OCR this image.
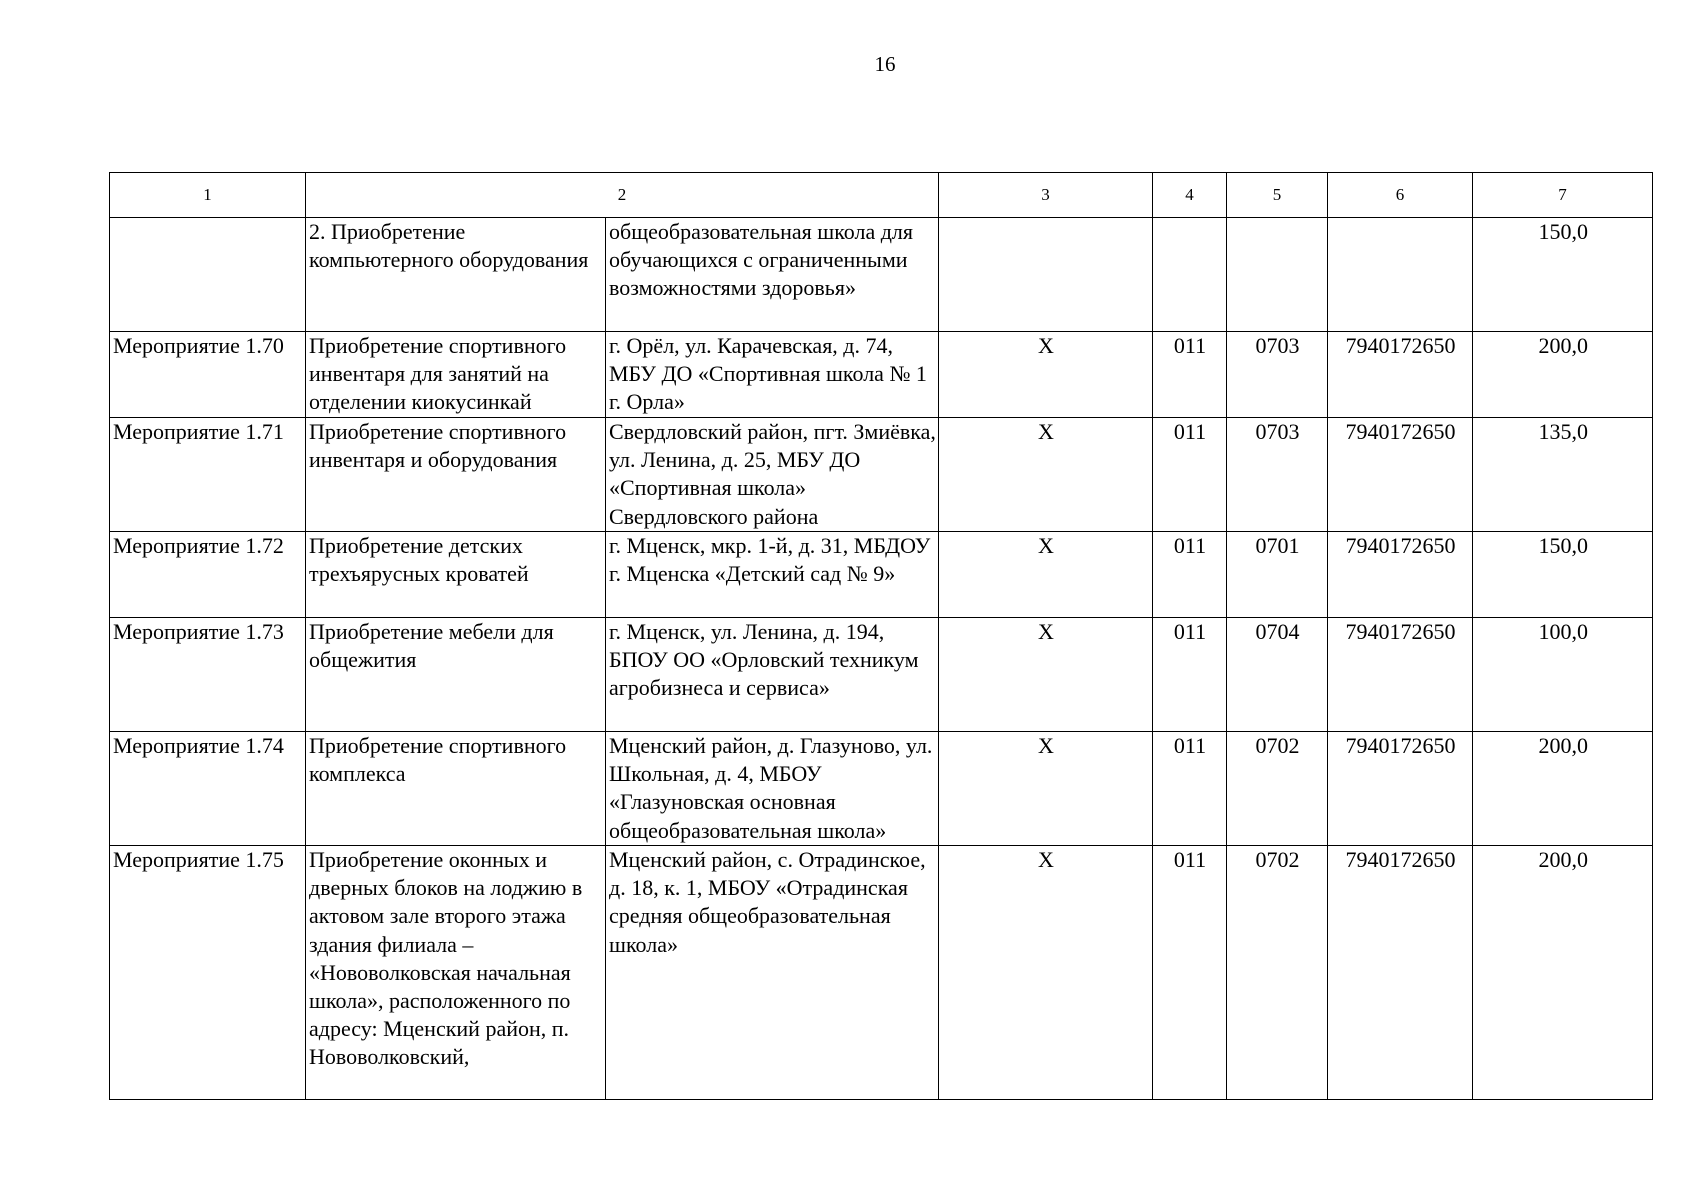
16
1	2		3	4	5	6	7
	2. Приобретение компьютерного оборудования	общеобразовательная школа для обучающихся с ограниченными возможностями здоровья»					150,0
Мероприятие 1.70	Приобретение спортивного инвентаря для занятий на отделении киокусинкай	г. Орёл, ул. Карачевская, д. 74, МБУ ДО «Спортивная школа № 1 г. Орла»	Х	011	0703	7940172650	200,0
Мероприятие 1.71	Приобретение спортивного инвентаря и оборудования	Свердловский район, пгт. Змиёвка, ул. Ленина, д. 25, МБУ ДО «Спортивная школа» Свердловского района	Х	011	0703	7940172650	135,0
Мероприятие 1.72	Приобретение детских трехъярусных кроватей	г. Мценск, мкр. 1-й, д. 31, МБДОУ г. Мценска «Детский сад № 9»	Х	011	0701	7940172650	150,0
Мероприятие 1.73	Приобретение мебели для общежития	г. Мценск, ул. Ленина, д. 194, БПОУ ОО «Орловский техникум агробизнеса и сервиса»	Х	011	0704	7940172650	100,0
Мероприятие 1.74	Приобретение спортивного комплекса	Мценский район, д. Глазуново, ул. Школьная, д. 4, МБОУ «Глазуновская основная общеобразовательная школа»	Х	011	0702	7940172650	200,0
Мероприятие 1.75	Приобретение оконных и дверных блоков на лоджию в актовом зале второго этажа здания филиала – «Нововолковская начальная школа», расположенного по адресу: Мценский район, п. Нововолковский,	Мценский район, с. Отрадинское, д. 18, к. 1, МБОУ «Отрадинская средняя общеобразовательная школа»	Х	011	0702	7940172650	200,0
